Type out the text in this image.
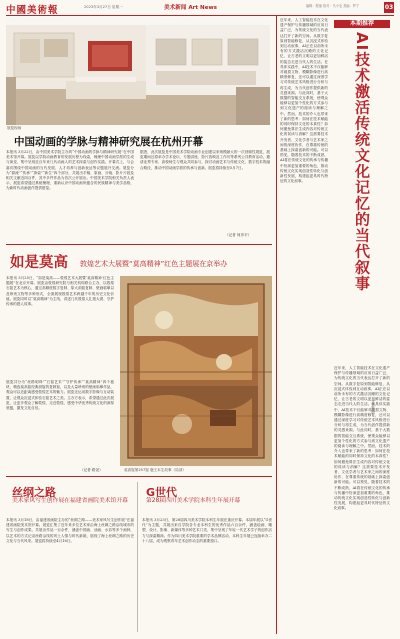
中國美術報	2023年3月27日 星期一	美术新闻 Art News	编辑：程丽 校对：马小毛 美编：罗宁	03
展览现场
中国动画的学脉与精神研究展在杭州开幕
本报讯 3月22日，由中国美术学院主办的“中国动画的学脉与精神研究展”在中国美术馆开幕。展览以学院动画教育的发展历程为线索，梳理中国动画学派的生成与演变，集中呈现近百年来几代动画人的艺术探索与创作实践。开幕式上，与会嘉宾围绕中国动画的当代发展、人才培养与创新表达等议题展开交流。展览分为“源流”“传承”“探索”“新生”四个部分，共展出手稿、原画、分镜、影片片段及相关文献近四百件，其中多件作品为首次公开展出。中国美术学院相关负责人表示，展览希望通过系统梳理，重新认识中国动画所蕴含的民族精神与美学品格，为新时代动画创作提供借鉴。
据悉，此次展览是中国美术学院动画专业创建以来规模最大的一次回顾性展览，展览期间还将举办学术论坛、专题讲座、影片放映及工作坊等系列公共教育活动，邀请业界专家、高校师生与观众共同参与，探讨动画艺术与传统文化、数字技术的融合路径，推动中国动画学派的传承与创新。展览将持续至5月7日。
（记者 何彦平）
如是莫高 敦煌艺术大展暨“莫高精神”红色主题展在京举办
本报讯 3月25日，“如是莫高——敦煌艺术大展暨‘莫高精神’红色主题展”在北京开幕。展览由敦煌研究院与相关机构联合主办，以敦煌石窟艺术为核心，通过高精度数字复制、原大洞窟复制、壁画临摹以及珍贵文物等多种形式，全面展现敦煌艺术跨越千年的历史文化价值。展览同时以“莫高精神”为主线，讲述几代敦煌人扎根大漠、守护传承的感人故事。
展览共分为“丝路明珠”“石窟艺术”“守护传承”“莫高精神”四个板块，精选莫高窟经典洞窟的复制窟，以及大量珍贵的壁画临摹作品，观众可以近距离感受敦煌艺术的魅力。展览还运用数字影像与互动装置，让观众沉浸式体验石窟艺术之美。主办方表示，希望通过此次展览，让更多观众了解敦煌、走近敦煌，感受中华优秀传统文化的深厚底蕴，激发文化自信。
莫高窟第257窟 鹿王本生故事（局部）
（记者 路尧）
丝纲之路
美术家风写生创作展在福建省画院美术馆开幕
本报讯 3月18日，由福建省画院主办的“丝纲之路——美术家风写生创作展”在福建省画院美术馆开幕。展览汇集了近年来多位艺术家沿海上丝绸之路沿线城市的写生与创作成果，共展出作品一百余件，涵盖中国画、油画、水彩等多个画种，以艺术的方式记录丝路沿线的风土人情与时代新貌，展现了海上丝绸之路的历史文化与当代风采。展览将持续至4月16日。
G世代
第28届四川美术学院本科生年展开幕
本报讯 3月23日，第28届四川美术学院本科生年展在重庆开幕。本届年展以“G世代”为主题，共展出来自学院各专业本科生的优秀作品六百余件，涵盖绘画、雕塑、设计、影像、新媒体等多种艺术门类，集中呈现了年轻一代艺术学子的创作活力与探索精神。作为四川美术学院重要的学术品牌活动，本科生年展已连续举办二十八届，成为观察青年艺术创作动态的重要窗口。
近年来，人工智能技术在文化遗产保护与传播领域的应用日益广泛，为传统文化的当代表达打开了新的空间。从数字复原到智能修复，从沉浸式体验到互动叙事，AI正在以前所未有的方式激活沉睡的文化记忆，让古老的文明以更加鲜活的姿态走进当代人的生活。在具体实践中，AI技术不仅能够对破损文物、模糊影像进行高精度修复，还可以通过深度学习对传统艺术风格进行分析与再生成，为当代创作提供新的灵感来源。与此同时，基于大数据的智能交互系统，使观众能够以更加个性化的方式参与到文化遗产的阅读与理解之中。然而，技术的介入也带来了新的思考：如何在技术赋能的同时保持文化的本真性？如何避免算法生成内容对传统文化的误读与消解？这需要技术开发者、文化学者与艺术家之间的深度协作，在尊重传统的基础上探索创新的可能。可以预见，随着技术的不断成熟，AI将在传统文化的传承与传播中扮演更加重要的角色，推动传统文化实现创造性转化与创新性发展，构建起更具时代特征的文化叙事。
本期推荐
AI技术激活传统文化记忆的当代叙事
近年来，人工智能技术在文化遗产保护与传播领域的应用日益广泛，为传统文化的当代表达打开了新的空间。从数字复原到智能修复，从沉浸式体验到互动叙事，AI正在以前所未有的方式激活沉睡的文化记忆，让古老的文明以更加鲜活的姿态走进当代人的生活。在具体实践中，AI技术不仅能够对破损文物、模糊影像进行高精度修复，还可以通过深度学习对传统艺术风格进行分析与再生成，为当代创作提供新的灵感来源。与此同时，基于大数据的智能交互系统，使观众能够以更加个性化的方式参与到文化遗产的阅读与理解之中。然而，技术的介入也带来了新的思考：如何在技术赋能的同时保持文化的本真性？如何避免算法生成内容对传统文化的误读与消解？这需要技术开发者、文化学者与艺术家之间的深度协作，在尊重传统的基础上探索创新的可能。可以预见，随着技术的不断成熟，AI将在传统文化的传承与传播中扮演更加重要的角色，推动传统文化实现创造性转化与创新性发展，构建起更具时代特征的文化叙事。
文/朱宸
